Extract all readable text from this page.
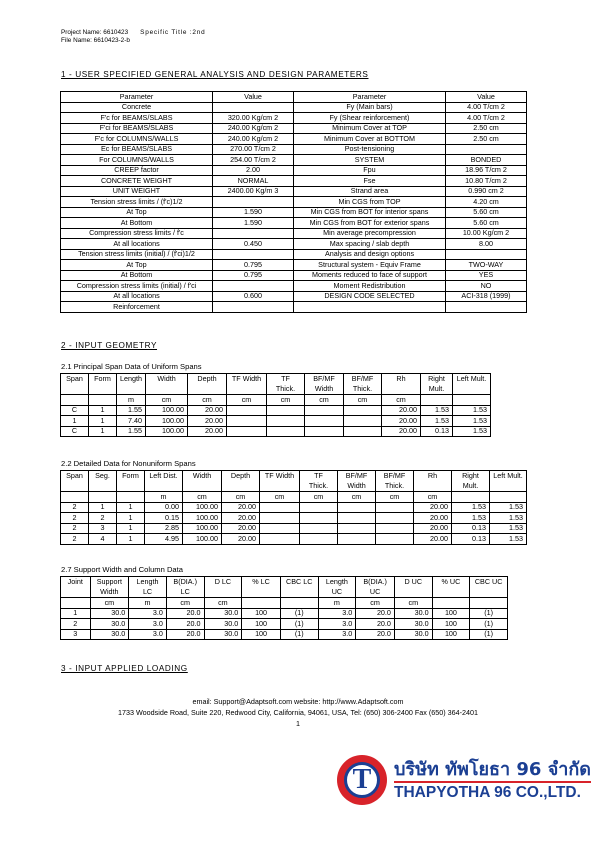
Project Name: 6610423 Specific Title :2nd
File Name: 6610423-2-b
1 - USER SPECIFIED GENERAL ANALYSIS AND DESIGN PARAMETERS
Parameter	Value	Parameter	Value
Concrete		Fy (Main bars)	4.00 T/cm 2
F'c for BEAMS/SLABS	320.00 Kg/cm 2	Fy (Shear reinforcement)	4.00 T/cm 2
F'ci for BEAMS/SLABS	240.00 Kg/cm 2	Minimum Cover at TOP	2.50 cm
F'c for COLUMNS/WALLS	240.00 Kg/cm 2	Minimum Cover at BOTTOM	2.50 cm
Ec for BEAMS/SLABS	270.00 T/cm 2	Post-tensioning	
For COLUMNS/WALLS	254.00 T/cm 2	SYSTEM	BONDED
CREEP factor	2.00	Fpu	18.96 T/cm 2
CONCRETE WEIGHT	NORMAL	Fse	10.80 T/cm 2
UNIT WEIGHT	2400.00 Kg/m 3	Strand area	0.990 cm 2
Tension stress limits / (f'c)1/2		Min CGS from TOP	4.20 cm
At Top	1.590	Min CGS from BOT for interior spans	5.60 cm
At Bottom	1.590	Min CGS from BOT for exterior spans	5.60 cm
Compression stress limits / f'c		Min average precompression	10.00 Kg/cm 2
At all locations	0.450	Max spacing / slab depth	8.00
Tension stress limits (initial) / (f'ci)1/2		Analysis and design options	
At Top	0.795	Structural system - Equiv Frame	TWO-WAY
At Bottom	0.795	Moments reduced to face of support	YES
Compression stress limits (initial) / f'ci		Moment Redistribution	NO
At all locations	0.600	DESIGN CODE SELECTED	ACI-318 (1999)
Reinforcement			
2 - INPUT GEOMETRY
2.1 Principal Span Data of Uniform Spans
Span	Form	Length	Width	Depth	TF Width	TF	BF/MF	BF/MF	Rh	Right	Left Mult.
						Thick.	Width	Thick.		Mult.	
		m	cm	cm	cm	cm	cm	cm	cm		
C	1	1.55	100.00	20.00					20.00	1.53	1.53
1	1	7.40	100.00	20.00					20.00	1.53	1.53
C	1	1.55	100.00	20.00					20.00	0.13	1.53
2.2 Detailed Data for Nonuniform Spans
Span	Seg.	Form	Left Dist.	Width	Depth	TF Width	TF	BF/MF	BF/MF	Rh	Right	Left Mult.
							Thick.	Width	Thick.		Mult.	
			m	cm	cm	cm	cm	cm	cm	cm		
2	1	1	0.00	100.00	20.00					20.00	1.53	1.53
2	2	1	0.15	100.00	20.00					20.00	1.53	1.53
2	3	1	2.85	100.00	20.00					20.00	0.13	1.53
2	4	1	4.95	100.00	20.00					20.00	0.13	1.53
2.7 Support Width and Column Data
Joint	Support	Length	B(DIA.)	D LC	% LC	CBC LC	Length	B(DIA.)	D UC	% UC	CBC UC
	Width	LC	LC				UC	UC			
	cm	m	cm	cm			m	cm	cm		
1	30.0	3.0	20.0	30.0	100	(1)	3.0	20.0	30.0	100	(1)
2	30.0	3.0	20.0	30.0	100	(1)	3.0	20.0	30.0	100	(1)
3	30.0	3.0	20.0	30.0	100	(1)	3.0	20.0	30.0	100	(1)
3 - INPUT APPLIED LOADING
email: Support@Adaptsoft.com website: http://www.Adaptsoft.com
1733 Woodside Road, Suite 220, Redwood City, California, 94061, USA, Tel: (650) 306-2400 Fax (650) 364-2401
1
T	บริษัท ทัพโยธา 96 จำกัด
THAPYOTHA 96 CO.,LTD.
